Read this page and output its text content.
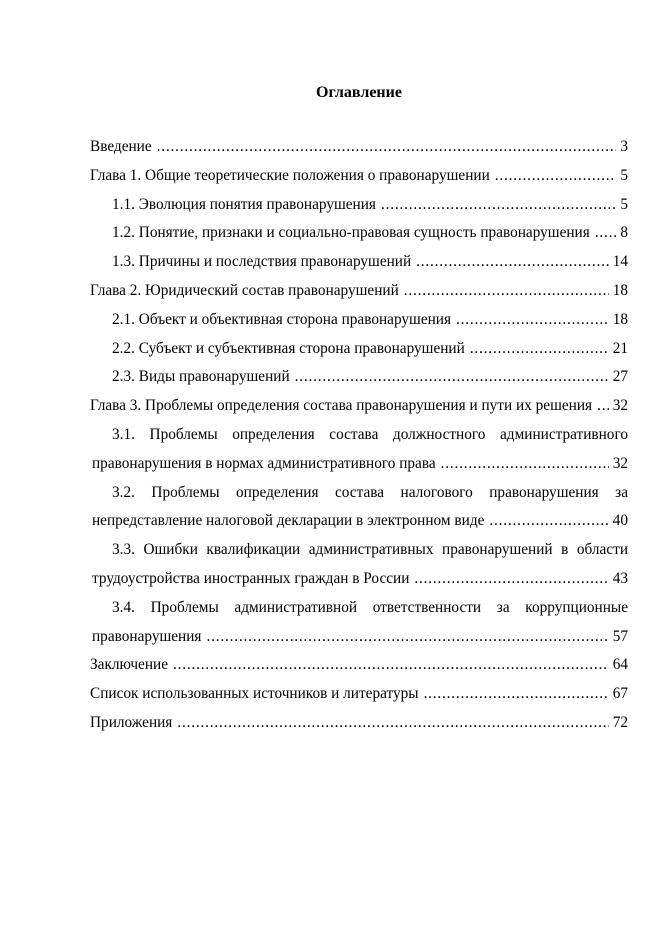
Оглавление
Введение .....	3
Глава 1. Общие теоретические положения о правонарушении .....	5
1.1. Эволюция понятия правонарушения .....	5
1.2. Понятие, признаки и социально-правовая сущность правонарушения ..... 8
1.3. Причины и последствия правонарушений .....	14
Глава 2. Юридический состав правонарушений .....	18
2.1. Объект и объективная сторона правонарушения .....	18
2.2. Субъект и субъективная сторона правонарушений .....	21
2.3. Виды правонарушений .....	27
Глава 3. Проблемы определения состава правонарушения и пути их решения ..... 32
3.1. Проблемы определения состава должностного административного
правонарушения в нормах административного права .....	32
3.2. Проблемы определения состава налогового правонарушения за
непредставление налоговой декларации в электронном виде .....	40
3.3. Ошибки квалификации административных правонарушений в области
трудоустройства иностранных граждан в России .....	43
3.4. Проблемы административной ответственности за коррупционные
правонарушения .....	57
Заключение .....	64
Список использованных источников и литературы .....	67
Приложения .....	72
